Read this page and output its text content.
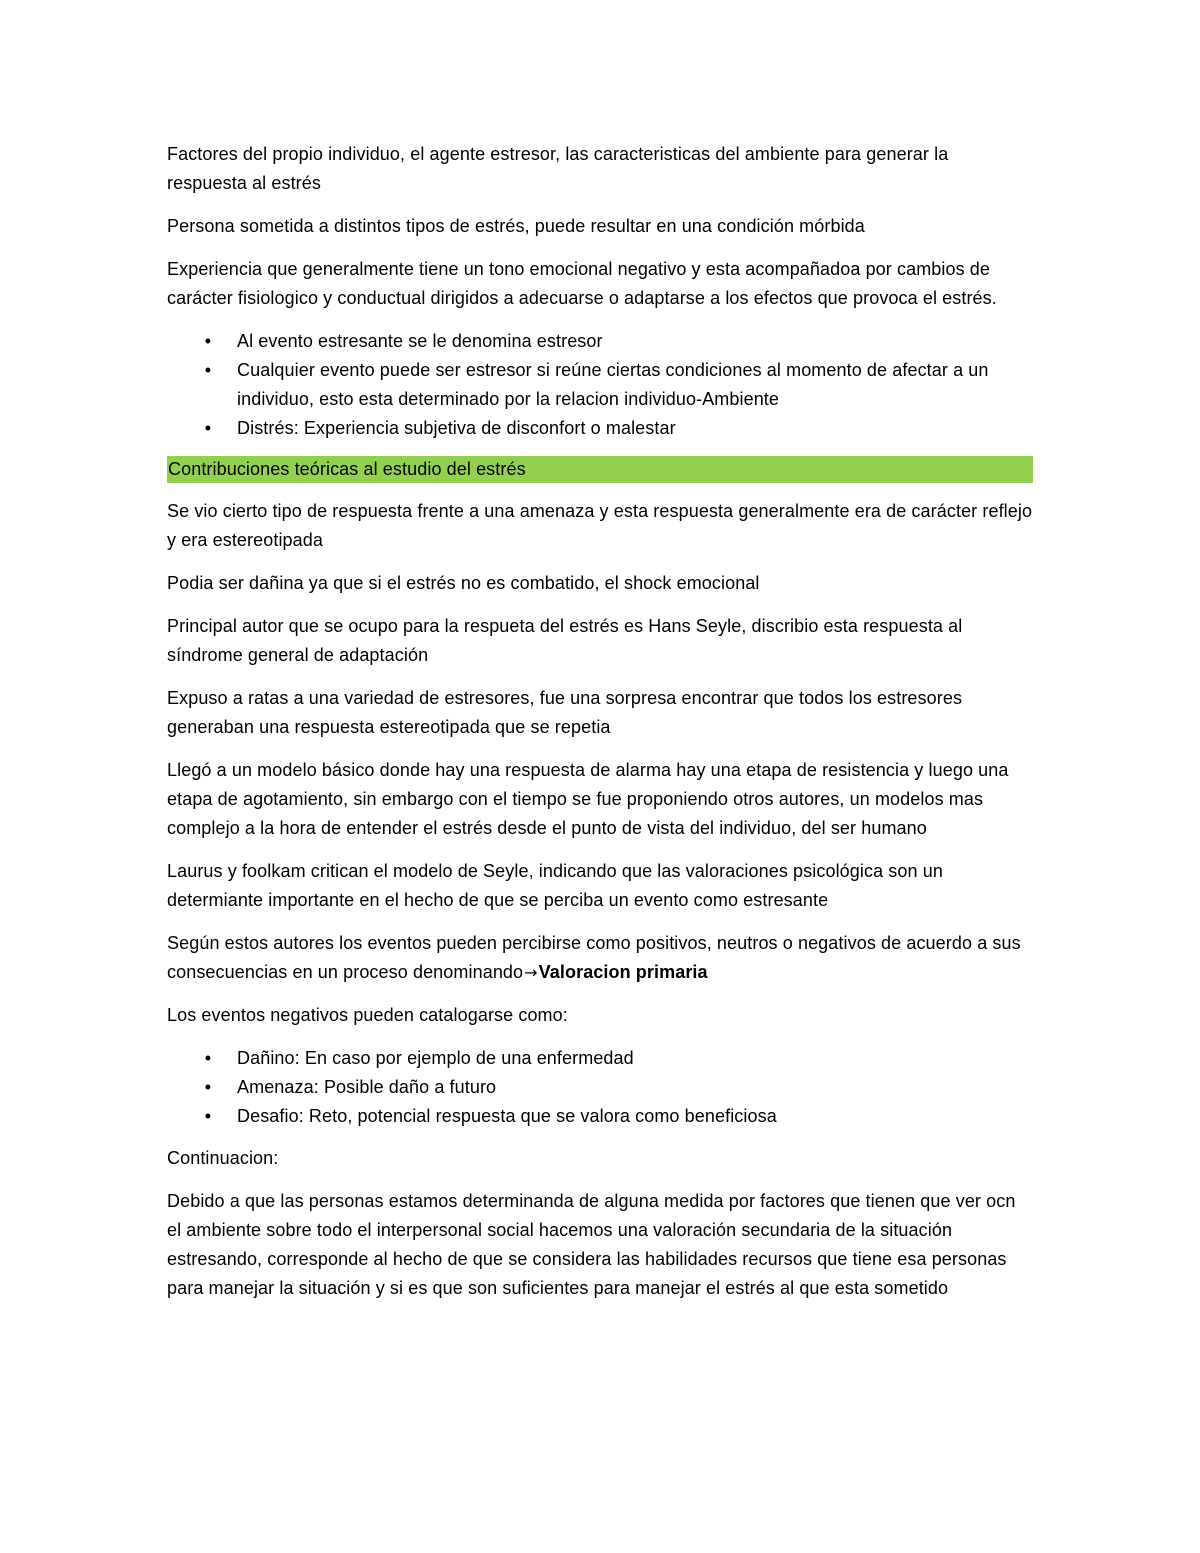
Factores del propio individuo, el agente estresor, las caracteristicas del ambiente para generar la respuesta al estrés

Persona sometida a distintos tipos de estrés, puede resultar en una condición mórbida

Experiencia que generalmente tiene un tono emocional negativo y esta acompañadoa por cambios de carácter fisiologico y conductual dirigidos a adecuarse o adaptarse a los efectos que provoca el estrés.

•	Al evento estresante se le denomina estresor
•	Cualquier evento puede ser estresor si reúne ciertas condiciones al momento de afectar a un individuo, esto esta determinado por la relacion individuo-Ambiente
•	Distrés: Experiencia subjetiva de disconfort o malestar
Contribuciones teóricas al estudio del estrés

Se vio cierto tipo de respuesta frente a una amenaza y esta respuesta generalmente era de carácter reflejo y era estereotipada

Podia ser dañina ya que si el estrés no es combatido, el shock emocional

Principal autor que se ocupo para la respueta del estrés es Hans Seyle, discribio esta respuesta al síndrome general de adaptación

Expuso a ratas a una variedad de estresores, fue una sorpresa encontrar que todos los estresores generaban una respuesta estereotipada que se repetia

Llegó a un modelo básico donde hay una respuesta de alarma hay una etapa de resistencia y luego una etapa de agotamiento, sin embargo con el tiempo se fue proponiendo otros autores, un modelos mas complejo a la hora de entender el estrés desde el punto de vista del individuo, del ser humano

Laurus y foolkam critican el modelo de Seyle, indicando que las valoraciones psicológica son un determiante importante en el hecho de que se perciba un evento como estresante

Según estos autores los eventos pueden percibirse como positivos, neutros o negativos de acuerdo a sus consecuencias en un proceso denominando→Valoracion primaria

Los eventos negativos pueden catalogarse como:

•	Dañino: En caso por ejemplo de una enfermedad
•	Amenaza: Posible daño a futuro
•	Desafio: Reto, potencial respuesta que se valora como beneficiosa

Continuacion:

Debido a que las personas estamos determinanda de alguna medida por factores que tienen que ver ocn el ambiente sobre todo el interpersonal social hacemos una valoración secundaria de la situación estresando, corresponde al hecho de que se considera las habilidades recursos que tiene esa personas para manejar la situación y si es que son suficientes para manejar el estrés al que esta sometido
